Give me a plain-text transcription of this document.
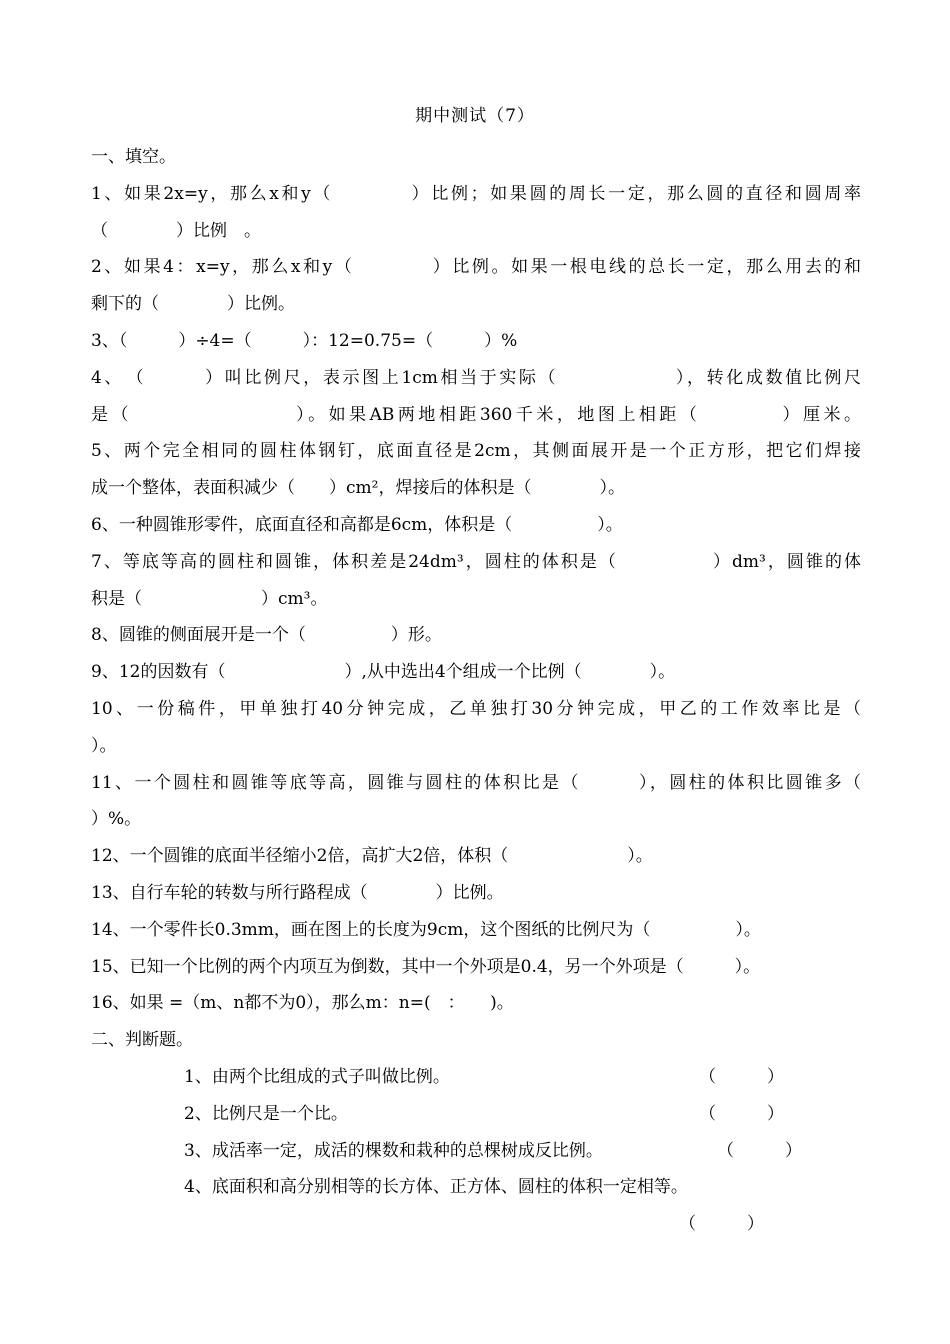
期中测试（7）
一、填空。
1、如果2x=y，那么x和y（　　　　）比例；如果圆的周长一定，那么圆的直径和圆周率
（　　　　）比例　。
2、如果4：x=y，那么x和y（　　　　）比例。如果一根电线的总长一定，那么用去的和
剩下的（　　　　）比例。
3、（　　　）÷4=（　　　）：12=0.75=（　　　）%
4、　（　　　）叫比例尺，表示图上1cm相当于实际（　　　　　　），转化成数值比例尺
是（　　　　　　　　）。如果AB两地相距360千米，地图上相距（　　　　）厘米。
5、两个完全相同的圆柱体钢钉，底面直径是2cm，其侧面展开是一个正方形，把它们焊接
成一个整体，表面积减少（　　）cm²，焊接后的体积是（　　　　）。
6、一种圆锥形零件，底面直径和高都是6cm，体积是（　　　　　）。
7、等底等高的圆柱和圆锥，体积差是24dm³，圆柱的体积是（　　　　　）dm³，圆锥的体
积是（　　　　　　　）cm³。
8、圆锥的侧面展开是一个（　　　　　）形。
9、12的因数有（　　　　　　　）,从中选出4个组成一个比例（　　　　）。
10、一份稿件，甲单独打40分钟完成，乙单独打30分钟完成，甲乙的工作效率比是（
）。
11、一个圆柱和圆锥等底等高，圆锥与圆柱的体积比是（　　　），圆柱的体积比圆锥多（
）%。
12、一个圆锥的底面半径缩小2倍，高扩大2倍，体积（　　　　　　　）。
13、自行车轮的转数与所行路程成（　　　　）比例。
14、一个零件长0.3mm，画在图上的长度为9cm，这个图纸的比例尺为（　　　　　）。
15、已知一个比例的两个内项互为倒数，其中一个外项是0.4，另一个外项是（　　　）。
16、如果 =（m、n都不为0），那么m：n=(　：　　)。
二、判断题。
1、由两个比组成的式子叫做比例。	（　　　）
2、比例尺是一个比。	（　　　）
3、成活率一定，成活的棵数和栽种的总棵树成反比例。	（　　　）
4、底面积和高分别相等的长方体、正方体、圆柱的体积一定相等。
（　　　）
